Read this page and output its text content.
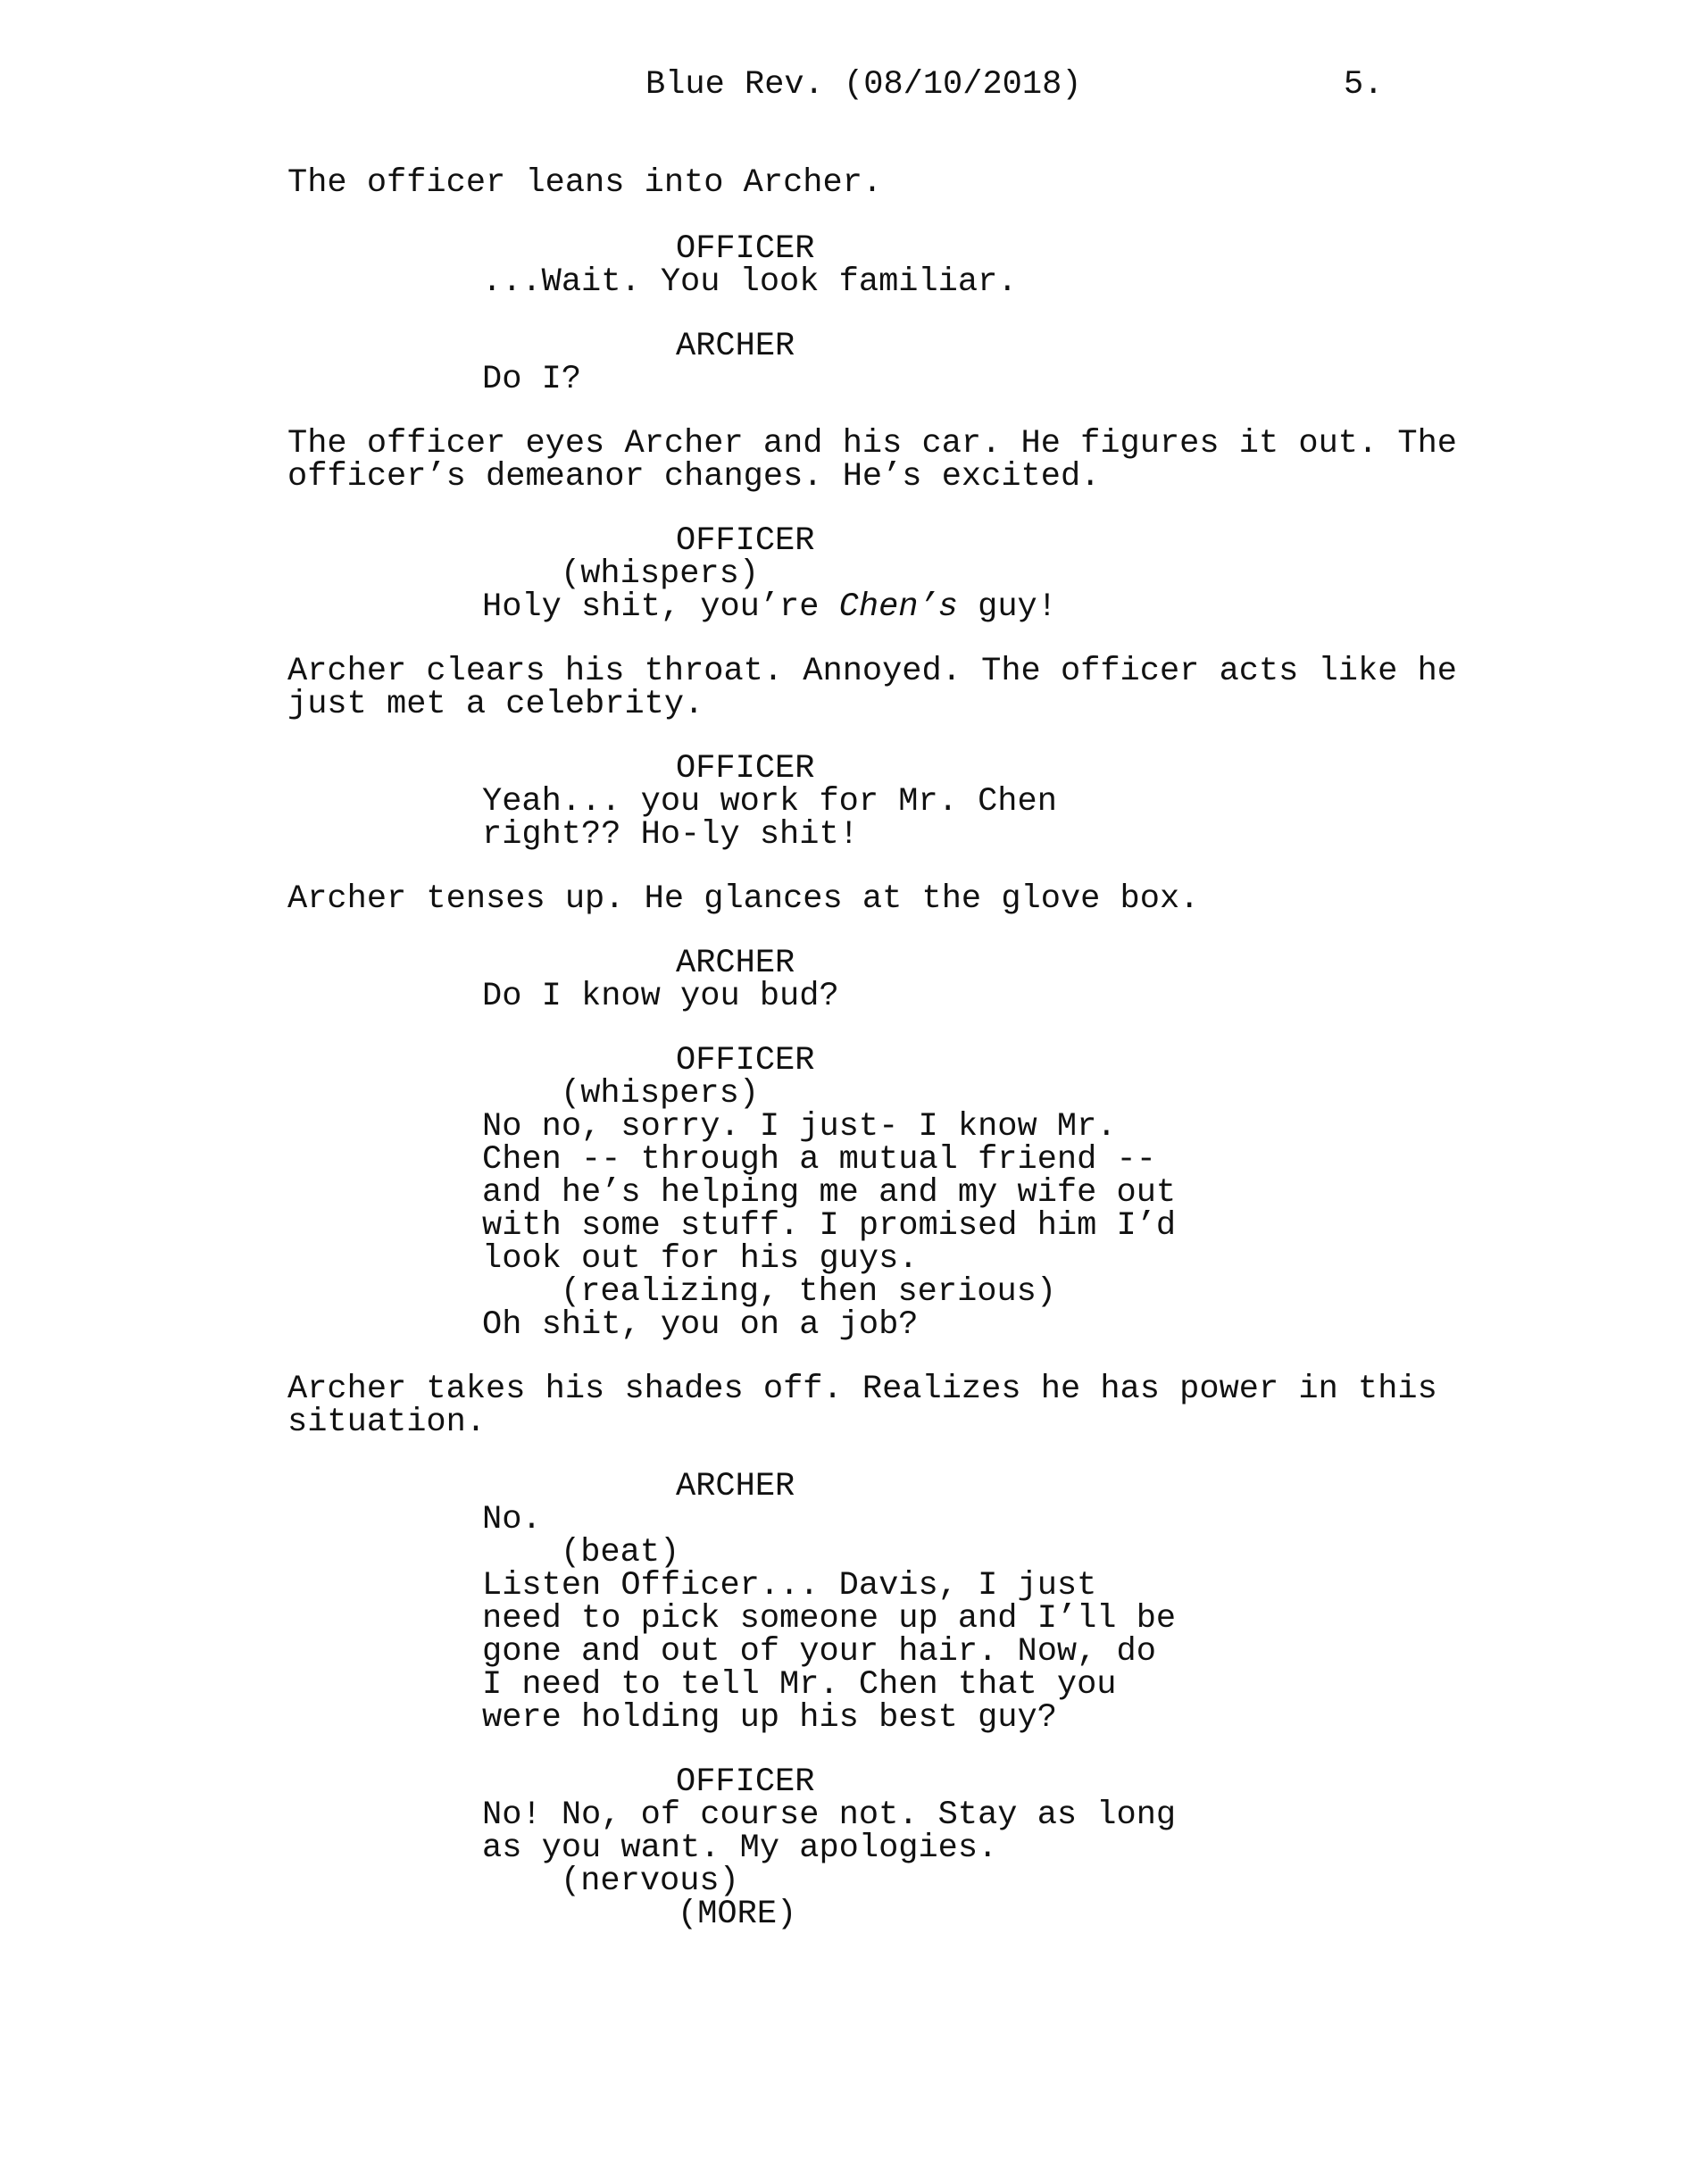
Blue Rev. (08/10/2018)	5.

The officer leans into Archer.

OFFICER

...Wait. You look familiar.

ARCHER

Do I?

The officer eyes Archer and his car. He figures it out. The

officer’s demeanor changes. He’s excited.

OFFICER

(whispers)

Holy shit, you’re Chen’s guy!

Archer clears his throat. Annoyed. The officer acts like he

just met a celebrity.

OFFICER

Yeah... you work for Mr. Chen

right?? Ho-ly shit!

Archer tenses up. He glances at the glove box.

ARCHER

Do I know you bud?

OFFICER

(whispers)

No no, sorry. I just- I know Mr.

Chen -- through a mutual friend --

and he’s helping me and my wife out

with some stuff. I promised him I’d

look out for his guys.

(realizing, then serious)

Oh shit, you on a job?

Archer takes his shades off. Realizes he has power in this

situation.

ARCHER

No.

(beat)

Listen Officer... Davis, I just

need to pick someone up and I’ll be

gone and out of your hair. Now, do

I need to tell Mr. Chen that you

were holding up his best guy?

OFFICER

No! No, of course not. Stay as long

as you want. My apologies.

(nervous)

(MORE)
